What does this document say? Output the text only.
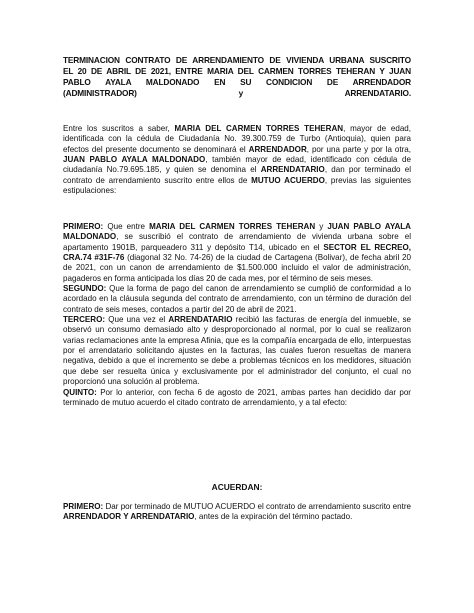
TERMINACION CONTRATO DE ARRENDAMIENTO DE VIVIENDA URBANA SUSCRITO
EL 20 DE ABRIL DE 2021, ENTRE MARIA DEL CARMEN TORRES TEHERAN Y JUAN
PABLO AYALA MALDONADO EN SU CONDICION DE ARRENDADOR
(ADMINISTRADOR) y ARRENDATARIO.

Entre los suscritos a saber, MARIA DEL CARMEN TORRES TEHERAN, mayor de edad, identificada con la cédula de Ciudadanía No. 39.300.759 de Turbo (Antioquia), quien para efectos del presente documento se denominará el ARRENDADOR, por una parte y por la otra, JUAN PABLO AYALA MALDONADO, también mayor de edad, identificado con cédula de ciudadanía No.79.695.185, y quien se denomina el ARRENDATARIO, dan por terminado el contrato de arrendamiento suscrito entre ellos de MUTUO ACUERDO, previas las siguientes estipulaciones:

PRIMERO: Que entre MARIA DEL CARMEN TORRES TEHERAN y JUAN PABLO AYALA MALDONADO, se suscribió el contrato de arrendamiento de vivienda urbana sobre el apartamento 1901B, parqueadero 311 y depósito T14, ubicado en el SECTOR EL RECREO, CRA.74 #31F-76 (diagonal 32 No. 74-26) de la ciudad de Cartagena (Bolivar), de fecha abril 20 de 2021, con un canon de arrendamiento de $1.500.000 incluido el valor de administración, pagaderos en forma anticipada los días 20 de cada mes, por el término de seis meses.

SEGUNDO: Que la forma de pago del canon de arrendamiento se cumplió de conformidad a lo acordado en la cláusula segunda del contrato de arrendamiento, con un término de duración del contrato de seis meses, contados a partir del 20 de abril de 2021.

TERCERO: Que una vez el ARRENDATARIO recibió las facturas de energía del inmueble, se observó un consumo demasiado alto y desproporcionado al normal, por lo cual se realizaron varias reclamaciones ante la empresa Afinia, que es la compañía encargada de ello, interpuestas por el arrendatario solicitando ajustes en la facturas, las cuales fueron resueltas de manera negativa, debido a que el incremento se debe a problemas técnicos en los medidores, situación que debe ser resuelta única y exclusivamente por el administrador del conjunto, el cual no proporcionó una solución al problema.

QUINTO: Por lo anterior, con fecha 6 de agosto de 2021, ambas partes han decidido dar por terminado de mutuo acuerdo el citado contrato de arrendamiento, y a tal efecto:

ACUERDAN:

PRIMERO: Dar por terminado de MUTUO ACUERDO el contrato de arrendamiento suscrito entre ARRENDADOR Y ARRENDATARIO, antes de la expiración del término pactado.
